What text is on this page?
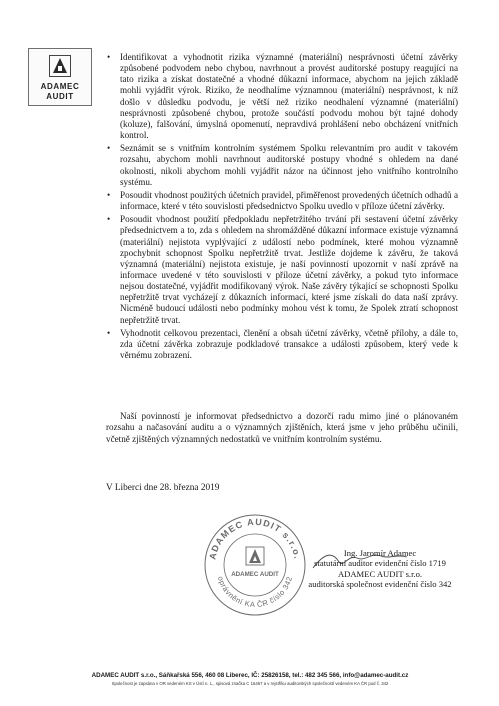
ADAMEC
AUDIT
• Identifikovat a vyhodnotit rizika významné (materiální) nesprávnosti účetní závěrky způsobené podvodem nebo chybou, navrhnout a provést auditorské postupy reagující na tato rizika a získat dostatečné a vhodné důkazní informace, abychom na jejich základě mohli vyjádřit výrok. Riziko, že neodhalíme významnou (materiální) nesprávnost, k níž došlo v důsledku podvodu, je větší než riziko neodhalení významné (materiální) nesprávnosti způsobené chybou, protože součástí podvodu mohou být tajné dohody (koluze), falšování, úmyslná opomenutí, nepravdivá prohlášení nebo obcházení vnitřních kontrol.
• Seznámit se s vnitřním kontrolním systémem Spolku relevantním pro audit v takovém rozsahu, abychom mohli navrhnout auditorské postupy vhodné s ohledem na dané okolnosti, nikoli abychom mohli vyjádřit názor na účinnost jeho vnitřního kontrolního systému.
• Posoudit vhodnost použitých účetních pravidel, přiměřenost provedených účetních odhadů a informace, které v této souvislosti předsednictvo Spolku uvedlo v příloze účetní závěrky.
• Posoudit vhodnost použití předpokladu nepřetržitého trvání při sestavení účetní závěrky předsednictvem a to, zda s ohledem na shromážděné důkazní informace existuje významná (materiální) nejistota vyplývající z událostí nebo podmínek, které mohou významně zpochybnit schopnost Spolku nepřetržitě trvat. Jestliže dojdeme k závěru, že taková významná (materiální) nejistota existuje, je naší povinností upozornit v naší zprávě na informace uvedené v této souvislosti v příloze účetní závěrky, a pokud tyto informace nejsou dostatečné, vyjádřit modifikovaný výrok. Naše závěry týkající se schopnosti Spolku nepřetržitě trvat vycházejí z důkazních informací, které jsme získali do data naší zprávy. Nicméně budoucí události nebo podmínky mohou vést k tomu, že Spolek ztratí schopnost nepřetržitě trvat.
• Vyhodnotit celkovou prezentaci, členění a obsah účetní závěrky, včetně přílohy, a dále to, zda účetní závěrka zobrazuje podkladové transakce a události způsobem, který vede k věrnému zobrazení.

Naší povinností je informovat předsednictvo a dozorčí radu mimo jiné o plánovaném rozsahu a načasování auditu a o významných zjištěních, která jsme v jeho průběhu učinili, včetně zjištěných významných nedostatků ve vnitřním kontrolním systému.

V Liberci dne 28. března 2019
ADAMEC AUDIT s.r.o.
oprávnění KA ČR číslo 342
ADAMEC AUDIT
Ing. Jaromír Adamec
statutární auditor evidenční číslo 1719
ADAMEC AUDIT s.r.o.
auditorská společnost evidenční číslo 342
ADAMEC AUDIT s.r.o., Sáňkařská 556, 460 08 Liberec, IČ: 25826158, tel.: 482 345 566, info@adamec-audit.cz
Společnost je zapsána v OR vedeném KS v Ústí n. L., spisová značka C 16467 a v rejstříku auditorských společností vedeném KA ČR pod č. 342
